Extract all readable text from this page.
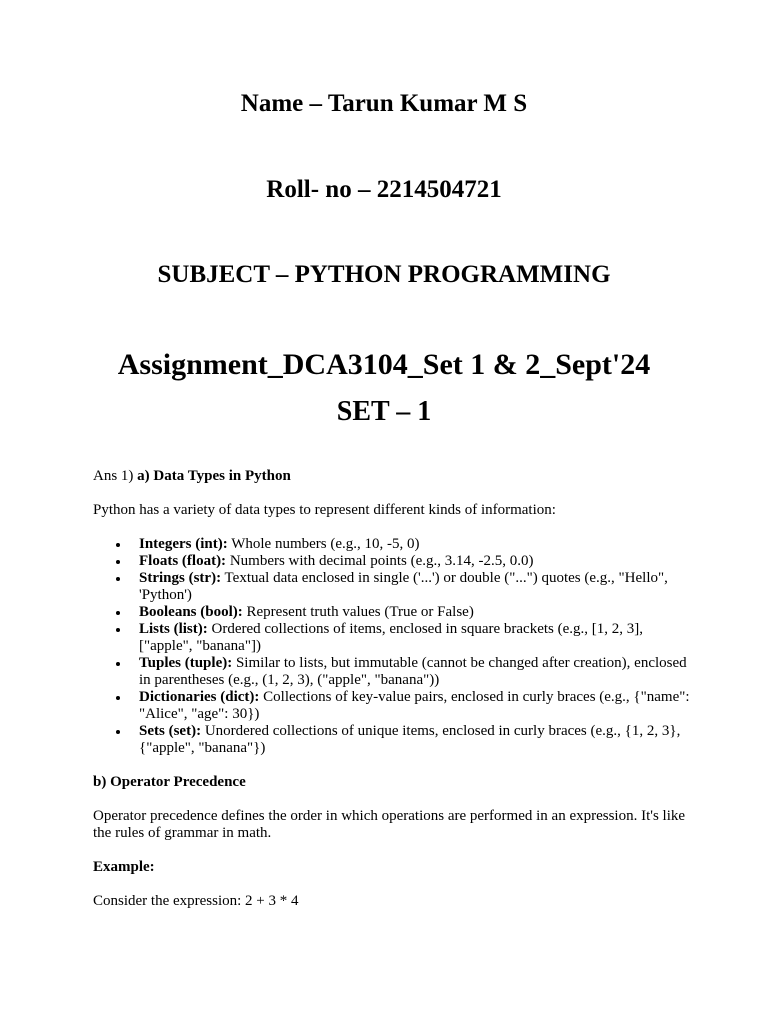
Name – Tarun Kumar M S
Roll- no – 2214504721
SUBJECT – PYTHON PROGRAMMING
Assignment_DCA3104_Set 1 & 2_Sept'24
SET – 1

Ans 1) a) Data Types in Python

Python has a variety of data types to represent different kinds of information:

Integers (int): Whole numbers (e.g., 10, -5, 0)
Floats (float): Numbers with decimal points (e.g., 3.14, -2.5, 0.0)
Strings (str): Textual data enclosed in single ('...') or double ("...") quotes (e.g., "Hello", 'Python')
Booleans (bool): Represent truth values (True or False)
Lists (list): Ordered collections of items, enclosed in square brackets (e.g., [1, 2, 3], ["apple", "banana"])
Tuples (tuple): Similar to lists, but immutable (cannot be changed after creation), enclosed in parentheses (e.g., (1, 2, 3), ("apple", "banana"))
Dictionaries (dict): Collections of key-value pairs, enclosed in curly braces (e.g., {"name": "Alice", "age": 30})
Sets (set): Unordered collections of unique items, enclosed in curly braces (e.g., {1, 2, 3}, {"apple", "banana"})

b) Operator Precedence

Operator precedence defines the order in which operations are performed in an expression. It's like the rules of grammar in math.

Example:

Consider the expression: 2 + 3 * 4
